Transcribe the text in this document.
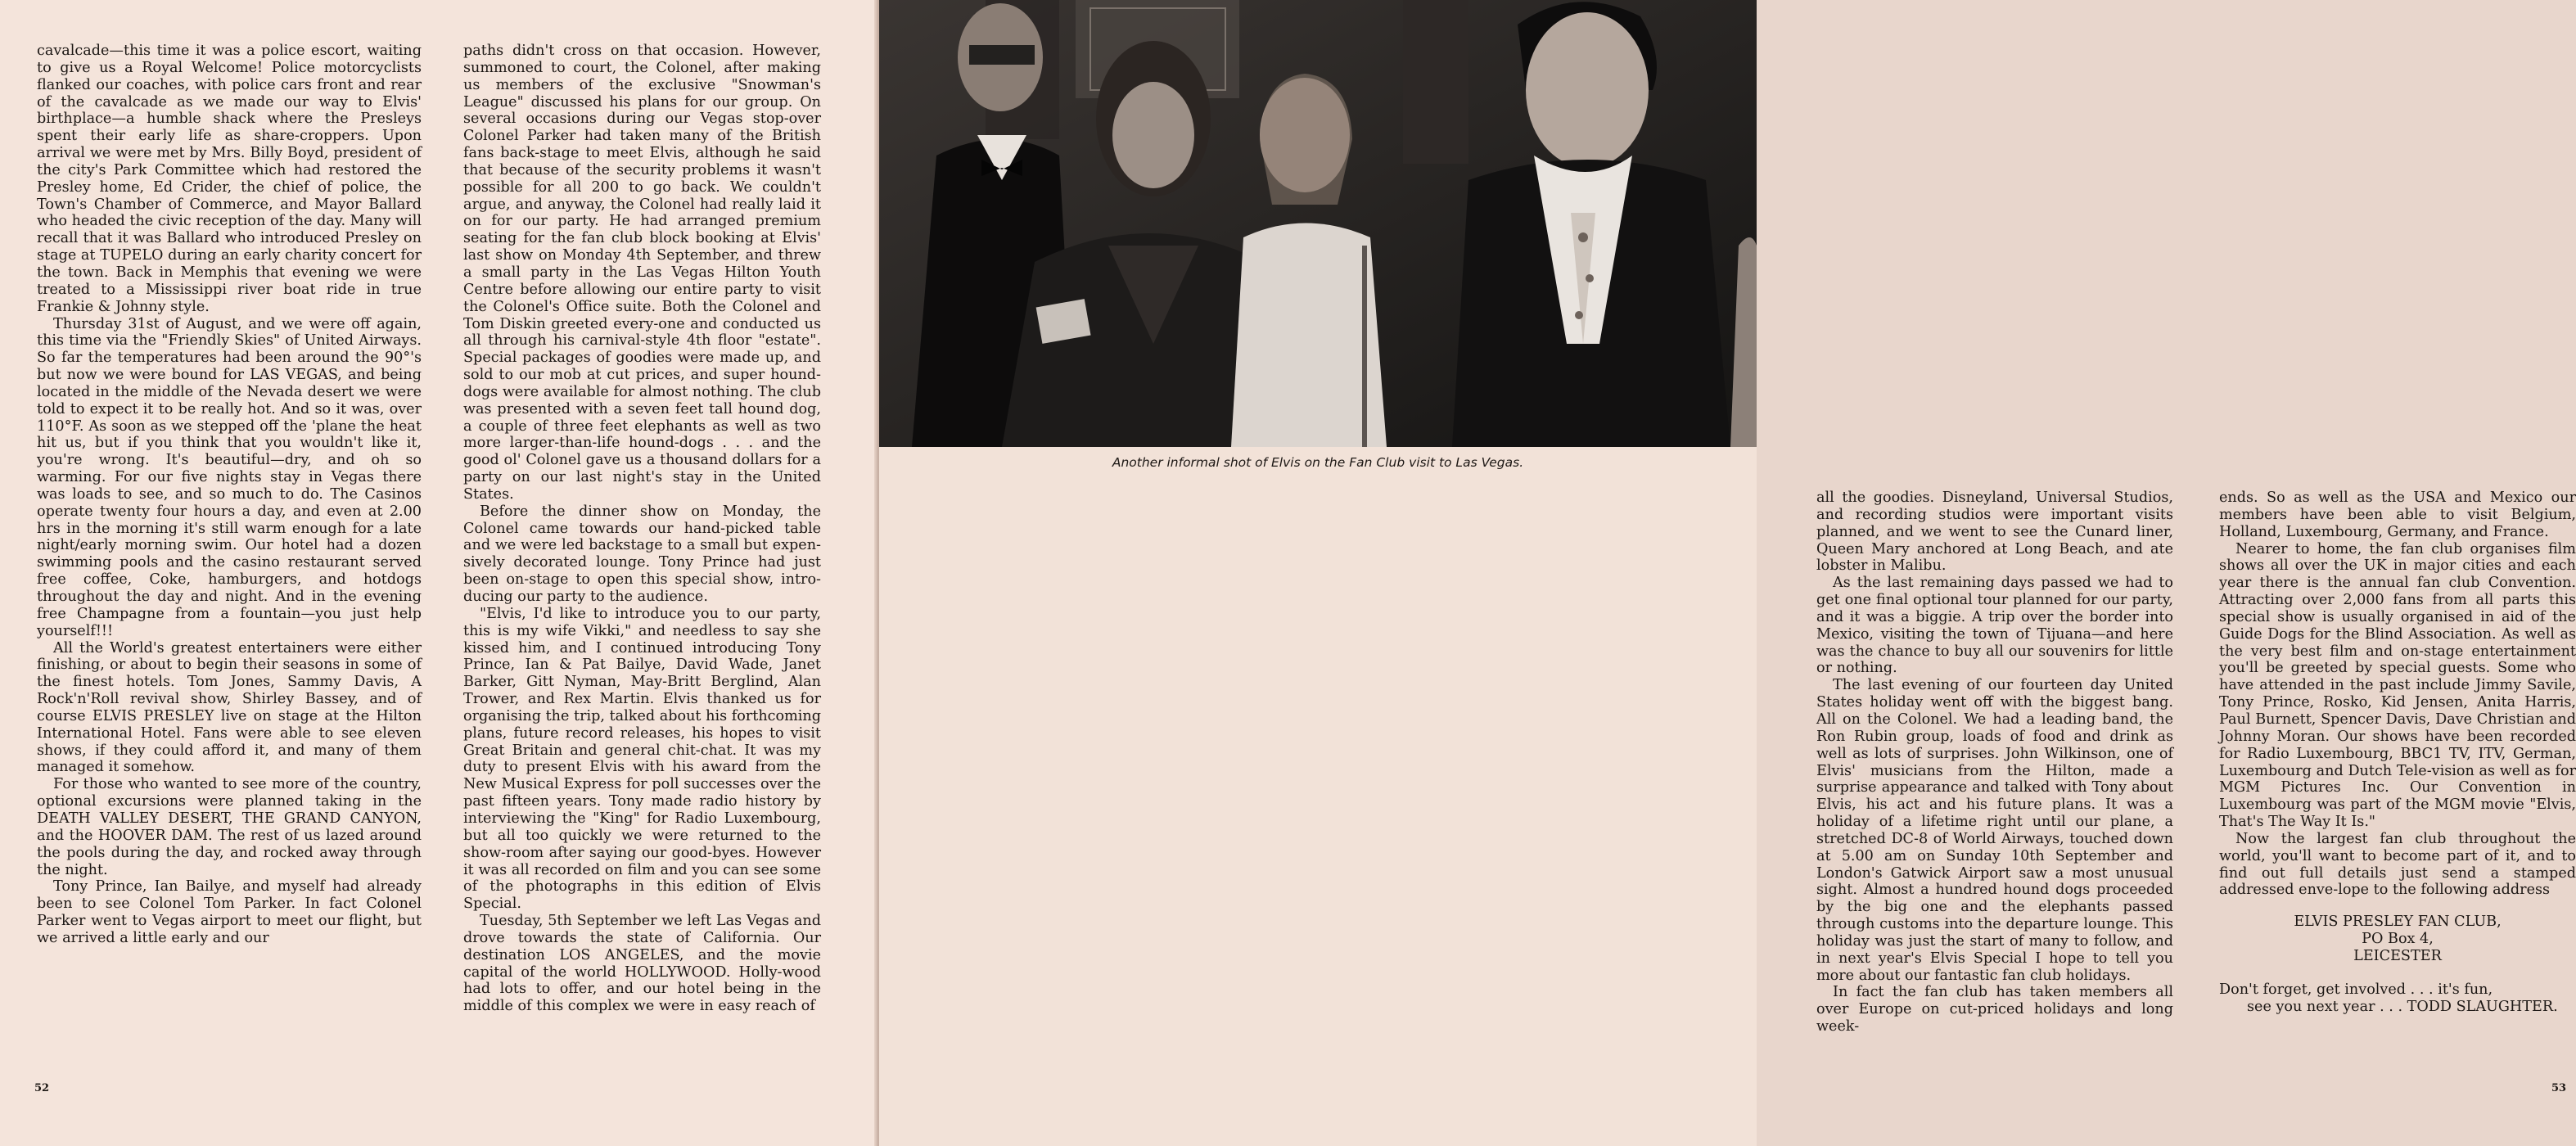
cavalcade—this time it was a police escort, waiting to give us a Royal Welcome! Police motorcyclists flanked our coaches, with police cars front and rear of the cavalcade as we made our way to Elvis' birthplace—a humble shack where the Presleys spent their early life as share-croppers. Upon arrival we were met by Mrs. Billy Boyd, president of the city's Park Committee which had restored the Presley home, Ed Crider, the chief of police, the Town's Chamber of Commerce, and Mayor Ballard who headed the civic reception of the day. Many will recall that it was Ballard who introduced Presley on stage at TUPELO during an early charity concert for the town. Back in Memphis that evening we were treated to a Mississippi river boat ride in true Frankie & Johnny style.

Thursday 31st of August, and we were off again, this time via the "Friendly Skies" of United Airways. So far the temperatures had been around the 90°'s but now we were bound for LAS VEGAS, and being located in the middle of the Nevada desert we were told to expect it to be really hot. And so it was, over 110°F. As soon as we stepped off the 'plane the heat hit us, but if you think that you wouldn't like it, you're wrong. It's beautiful—dry, and oh so warming. For our five nights stay in Vegas there was loads to see, and so much to do. The Casinos operate twenty four hours a day, and even at 2.00 hrs in the morning it's still warm enough for a late night/early morning swim. Our hotel had a dozen swimming pools and the casino restaurant served free coffee, Coke, hamburgers, and hotdogs throughout the day and night. And in the evening free Champagne from a fountain—you just help yourself!!!

All the World's greatest entertainers were either finishing, or about to begin their seasons in some of the finest hotels. Tom Jones, Sammy Davis, A Rock'n'Roll revival show, Shirley Bassey, and of course ELVIS PRESLEY live on stage at the Hilton International Hotel. Fans were able to see eleven shows, if they could afford it, and many of them managed it somehow.

For those who wanted to see more of the country, optional excursions were planned taking in the DEATH VALLEY DESERT, THE GRAND CANYON, and the HOOVER DAM. The rest of us lazed around the pools during the day, and rocked away through the night.

Tony Prince, Ian Bailye, and myself had already been to see Colonel Tom Parker. In fact Colonel Parker went to Vegas airport to meet our flight, but we arrived a little early and our

paths didn't cross on that occasion. However, summoned to court, the Colonel, after making us members of the exclusive "Snowman's League" discussed his plans for our group. On several occasions during our Vegas stop-over Colonel Parker had taken many of the British fans back-stage to meet Elvis, although he said that because of the security problems it wasn't possible for all 200 to go back. We couldn't argue, and anyway, the Colonel had really laid it on for our party. He had arranged premium seating for the fan club block booking at Elvis' last show on Monday 4th September, and threw a small party in the Las Vegas Hilton Youth Centre before allowing our entire party to visit the Colonel's Office suite. Both the Colonel and Tom Diskin greeted every-one and conducted us all through his carnival-style 4th floor "estate". Special packages of goodies were made up, and sold to our mob at cut prices, and super hound-dogs were available for almost nothing. The club was presented with a seven feet tall hound dog, a couple of three feet elephants as well as two more larger-than-life hound-dogs . . . and the good ol' Colonel gave us a thousand dollars for a party on our last night's stay in the United States.

Before the dinner show on Monday, the Colonel came towards our hand-picked table and we were led backstage to a small but expen-sively decorated lounge. Tony Prince had just been on-stage to open this special show, intro-ducing our party to the audience.

"Elvis, I'd like to introduce you to our party, this is my wife Vikki," and needless to say she kissed him, and I continued introducing Tony Prince, Ian & Pat Bailye, David Wade, Janet Barker, Gitt Nyman, May-Britt Berglind, Alan Trower, and Rex Martin. Elvis thanked us for organising the trip, talked about his forthcoming plans, future record releases, his hopes to visit Great Britain and general chit-chat. It was my duty to present Elvis with his award from the New Musical Express for poll successes over the past fifteen years. Tony made radio history by interviewing the "King" for Radio Luxembourg, but all too quickly we were returned to the show-room after saying our good-byes. However it was all recorded on film and you can see some of the photographs in this edition of Elvis Special.

Tuesday, 5th September we left Las Vegas and drove towards the state of California. Our destination LOS ANGELES, and the movie capital of the world HOLLYWOOD. Holly-wood had lots to offer, and our hotel being in the middle of this complex we were in easy reach of

52

all the goodies. Disneyland, Universal Studios, and recording studios were important visits planned, and we went to see the Cunard liner, Queen Mary anchored at Long Beach, and ate lobster in Malibu.

As the last remaining days passed we had to get one final optional tour planned for our party, and it was a biggie. A trip over the border into Mexico, visiting the town of Tijuana—and here was the chance to buy all our souvenirs for little or nothing.

The last evening of our fourteen day United States holiday went off with the biggest bang. All on the Colonel. We had a leading band, the Ron Rubin group, loads of food and drink as well as lots of surprises. John Wilkinson, one of Elvis' musicians from the Hilton, made a surprise appearance and talked with Tony about Elvis, his act and his future plans. It was a holiday of a lifetime right until our plane, a stretched DC-8 of World Airways, touched down at 5.00 am on Sunday 10th September and London's Gatwick Airport saw a most unusual sight. Almost a hundred hound dogs proceeded by the big one and the elephants passed through customs into the departure lounge. This holiday was just the start of many to follow, and in next year's Elvis Special I hope to tell you more about our fantastic fan club holidays.

In fact the fan club has taken members all over Europe on cut-priced holidays and long week-

ends. So as well as the USA and Mexico our members have been able to visit Belgium, Holland, Luxembourg, Germany, and France.

Nearer to home, the fan club organises film shows all over the UK in major cities and each year there is the annual fan club Convention. Attracting over 2,000 fans from all parts this special show is usually organised in aid of the Guide Dogs for the Blind Association. As well as the very best film and on-stage entertainment you'll be greeted by special guests. Some who have attended in the past include Jimmy Savile, Tony Prince, Rosko, Kid Jensen, Anita Harris, Paul Burnett, Spencer Davis, Dave Christian and Johnny Moran. Our shows have been recorded for Radio Luxembourg, BBC1 TV, ITV, German, Luxembourg and Dutch Tele-vision as well as for MGM Pictures Inc. Our Convention in Luxembourg was part of the MGM movie "Elvis, That's The Way It Is."

Now the largest fan club throughout the world, you'll want to become part of it, and to find out full details just send a stamped addressed enve-lope to the following address

ELVIS PRESLEY FAN CLUB,
PO Box 4,
LEICESTER
Don't forget, get involved . . . it's fun,
see you next year . . . TODD SLAUGHTER.
53
Another informal shot of Elvis on the Fan Club visit to Las Vegas.
